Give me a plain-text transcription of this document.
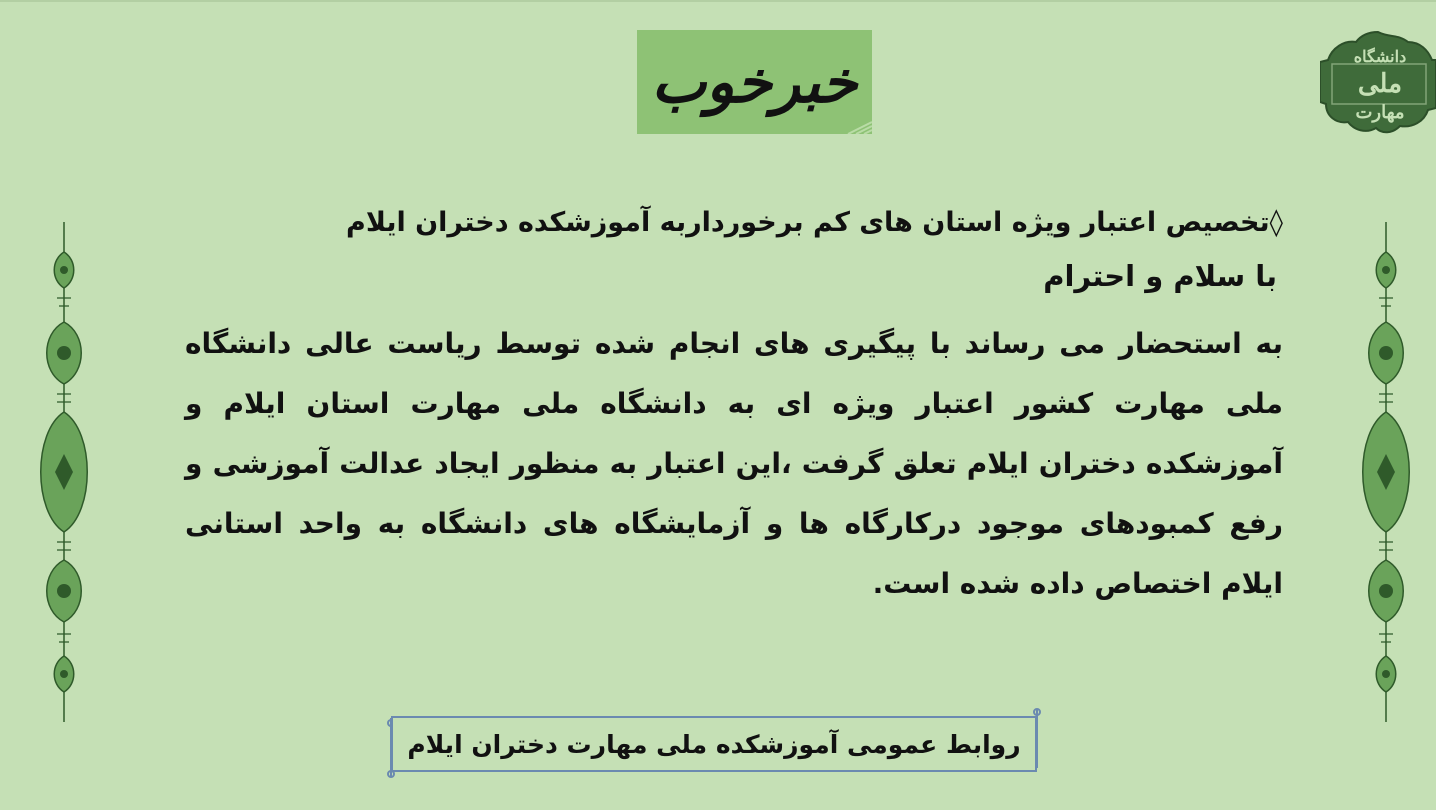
خبرخوب	دانشگاه
ملی
مهارت

◊تخصیص اعتبار ویژه استان های کم برخورداربه آموزشکده دختران ایلام

با سلام و احترام

به استحضار می رساند با پیگیری های انجام شده توسط ریاست عالی دانشگاه ملی مهارت کشور اعتبار ویژه ای به دانشگاه ملی مهارت استان ایلام و آموزشکده دختران ایلام تعلق گرفت ،این اعتبار به منظور ایجاد عدالت آموزشی و رفع کمبودهای موجود درکارگاه ها و آزمایشگاه های دانشگاه به واحد استانی ایلام اختصاص داده شده است.

روابط عمومی آموزشکده ملی مهارت دختران ایلام
